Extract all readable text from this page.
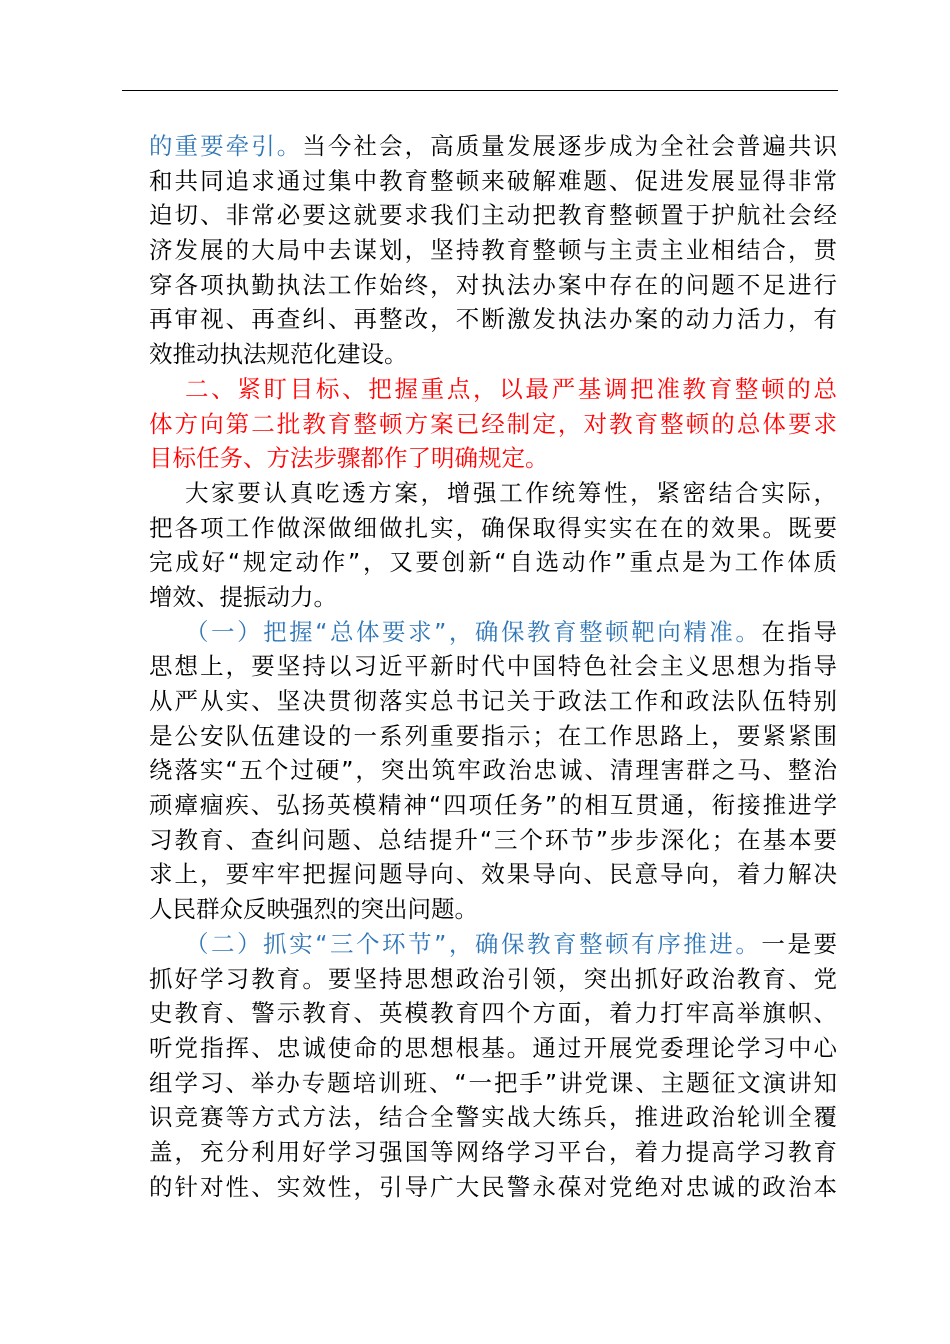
的重要牵引。当今社会，高质量发展逐步成为全社会普遍共识
和共同追求通过集中教育整顿来破解难题、促进发展显得非常
迫切、非常必要这就要求我们主动把教育整顿置于护航社会经
济发展的大局中去谋划，坚持教育整顿与主责主业相结合，贯
穿各项执勤执法工作始终，对执法办案中存在的问题不足进行
再审视、再查纠、再整改，不断激发执法办案的动力活力，有
效推动执法规范化建设。
二、紧盯目标、把握重点，以最严基调把准教育整顿的总
体方向第二批教育整顿方案已经制定，对教育整顿的总体要求
目标任务、方法步骤都作了明确规定。
大家要认真吃透方案，增强工作统筹性，紧密结合实际，
把各项工作做深做细做扎实，确保取得实实在在的效果。既要
完成好“规定动作”，又要创新“自选动作”重点是为工作体质
增效、提振动力。
（一）把握“总体要求”，确保教育整顿靶向精准。在指导
思想上，要坚持以习近平新时代中国特色社会主义思想为指导
从严从实、坚决贯彻落实总书记关于政法工作和政法队伍特别
是公安队伍建设的一系列重要指示；在工作思路上，要紧紧围
绕落实“五个过硬”，突出筑牢政治忠诚、清理害群之马、整治
顽瘴痼疾、弘扬英模精神“四项任务”的相互贯通，衔接推进学
习教育、查纠问题、总结提升“三个环节”步步深化；在基本要
求上，要牢牢把握问题导向、效果导向、民意导向，着力解决
人民群众反映强烈的突出问题。
（二）抓实“三个环节”，确保教育整顿有序推进。一是要
抓好学习教育。要坚持思想政治引领，突出抓好政治教育、党
史教育、警示教育、英模教育四个方面，着力打牢高举旗帜、
听党指挥、忠诚使命的思想根基。通过开展党委理论学习中心
组学习、举办专题培训班、“一把手”讲党课、主题征文演讲知
识竞赛等方式方法，结合全警实战大练兵，推进政治轮训全覆
盖，充分利用好学习强国等网络学习平台，着力提高学习教育
的针对性、实效性，引导广大民警永葆对党绝对忠诚的政治本
